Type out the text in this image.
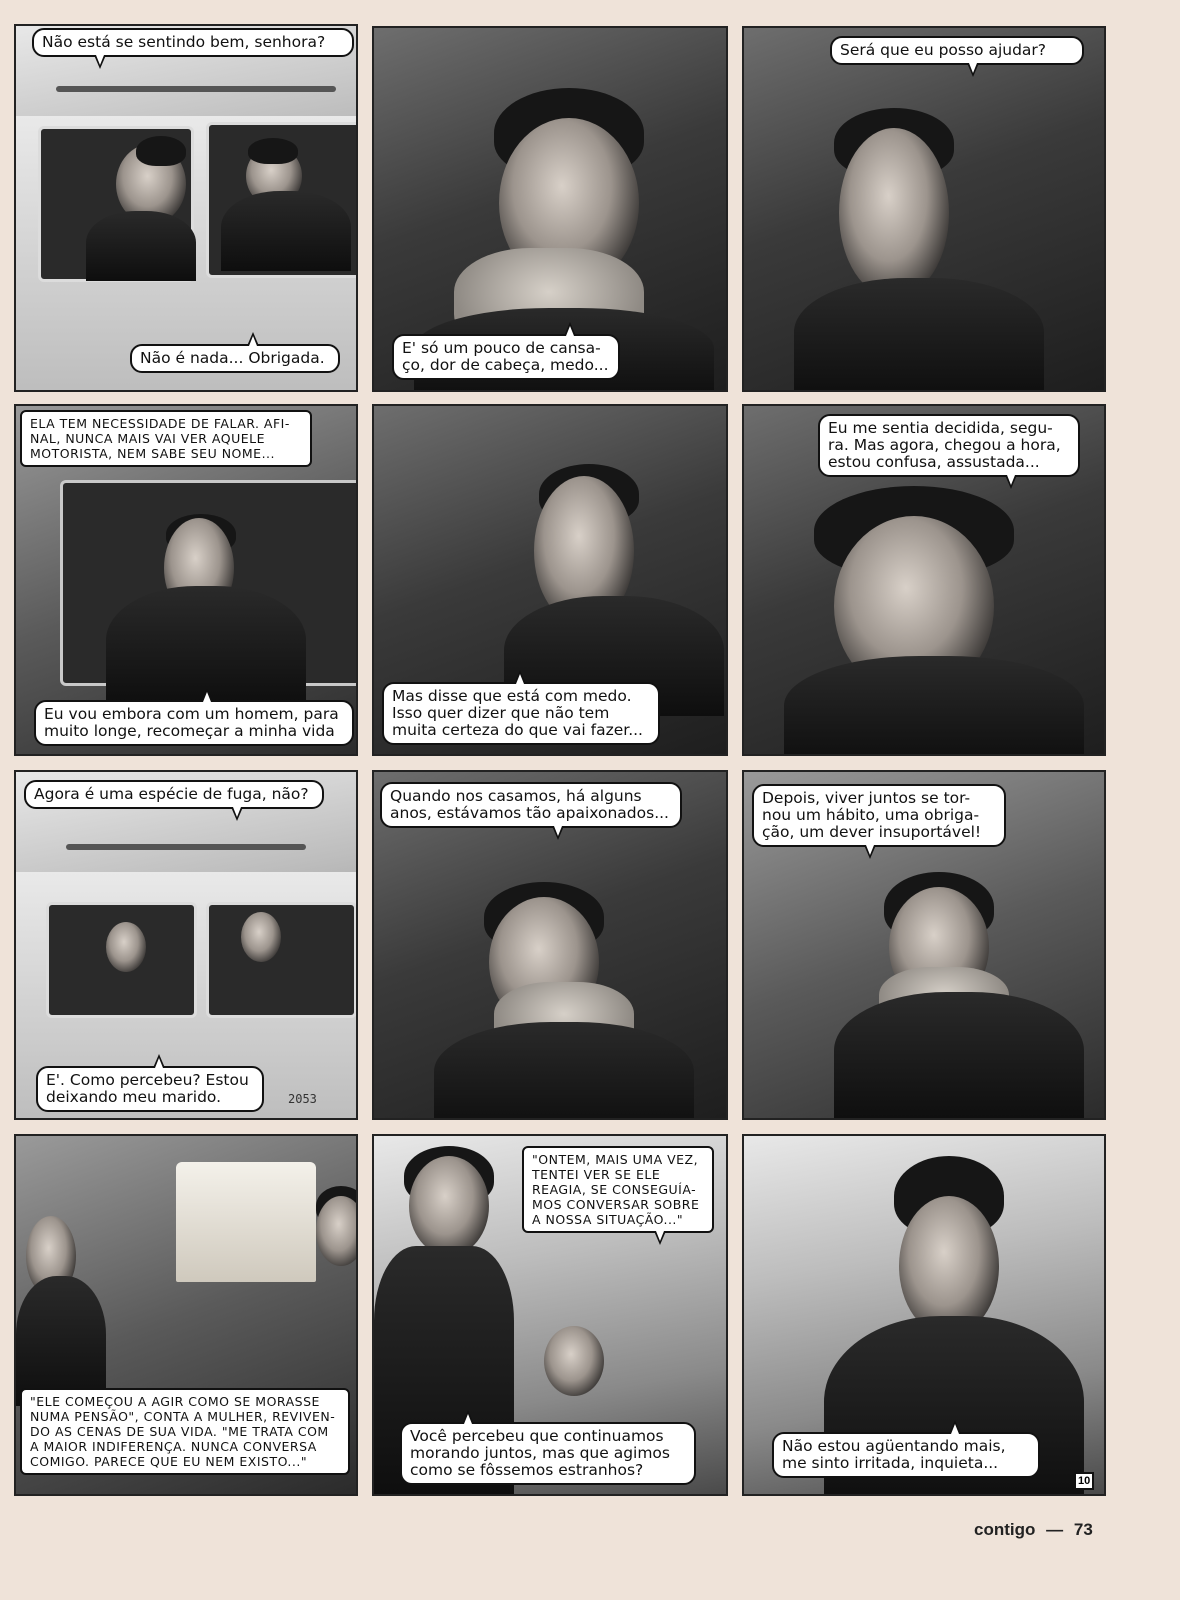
Não está se sentindo bem, senhora?
Não é nada... Obrigada.
E' só um pouco de cansa-
ço, dor de cabeça, medo...
Será que eu posso ajudar?
ELA TEM NECESSIDADE DE FALAR. AFI-
NAL, NUNCA MAIS VAI VER AQUELE
MOTORISTA, NEM SABE SEU NOME...
Eu vou embora com um homem, para
muito longe, recomeçar a minha vida
Mas disse que está com medo.
Isso quer dizer que não tem
muita certeza do que vai fazer...
Eu me sentia decidida, segu-
ra. Mas agora, chegou a hora,
estou confusa, assustada...
Agora é uma espécie de fuga, não?
E'. Como percebeu? Estou
deixando meu marido.	2053
Quando nos casamos, há alguns
anos, estávamos tão apaixonados...
Depois, viver juntos se tor-
nou um hábito, uma obriga-
ção, um dever insuportável!
"ELE COMEÇOU A AGIR COMO SE MORASSE
NUMA PENSÃO", CONTA A MULHER, REVIVEN-
DO AS CENAS DE SUA VIDA. "ME TRATA COM
A MAIOR INDIFERENÇA. NUNCA CONVERSA
COMIGO. PARECE QUE EU NEM EXISTO..."
"ONTEM, MAIS UMA VEZ,
TENTEI VER SE ELE
REAGIA, SE CONSEGUÍA-
MOS CONVERSAR SOBRE
A NOSSA SITUAÇÃO..."
Você percebeu que continuamos
morando juntos, mas que agimos
como se fôssemos estranhos?
Não estou agüentando mais,
me sinto irritada, inquieta...
10
contigo — 73
